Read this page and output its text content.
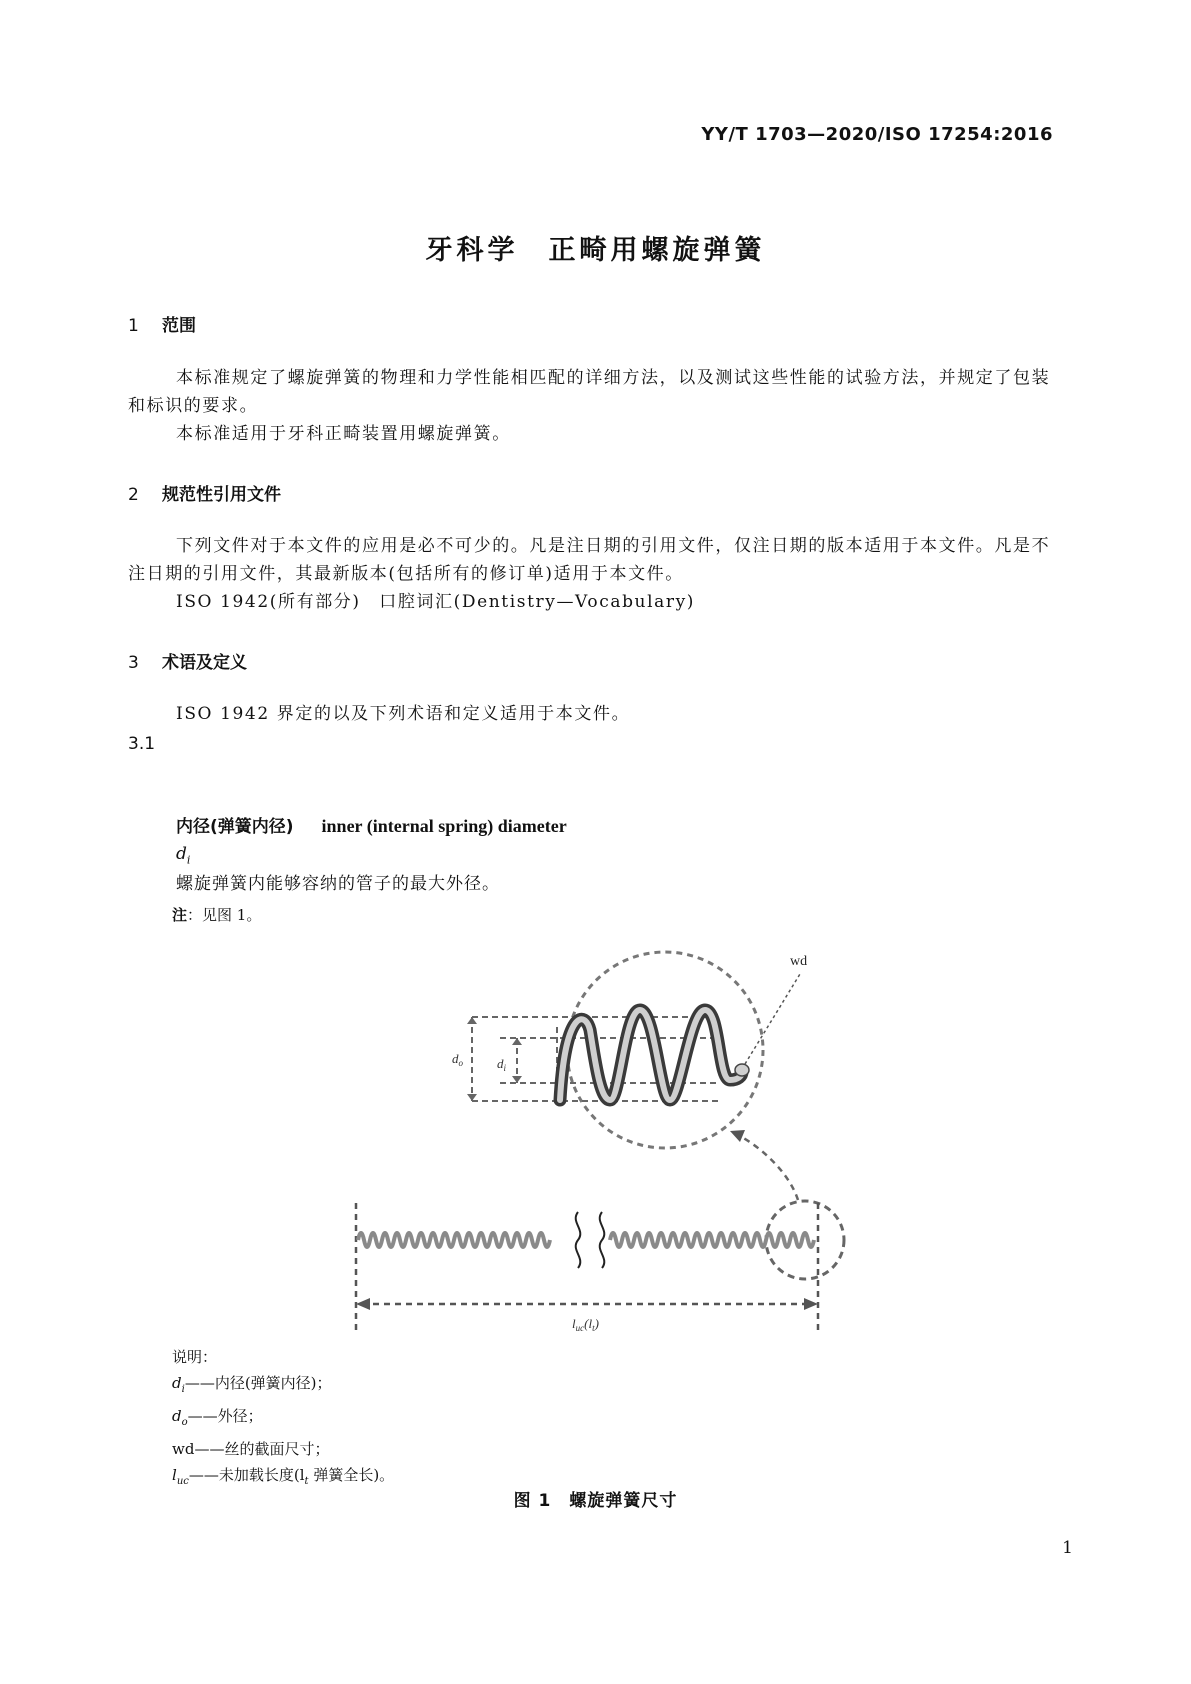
YY/T 1703—2020/ISO 17254:2016
牙科学 正畸用螺旋弹簧
1 范围
本标准规定了螺旋弹簧的物理和力学性能相匹配的详细方法，以及测试这些性能的试验方法，并规定了包装和标识的要求。
本标准适用于牙科正畸装置用螺旋弹簧。
2 规范性引用文件
下列文件对于本文件的应用是必不可少的。凡是注日期的引用文件，仅注日期的版本适用于本文件。凡是不注日期的引用文件，其最新版本(包括所有的修订单)适用于本文件。
ISO 1942(所有部分)　口腔词汇(Dentistry—Vocabulary)
3 术语及定义
ISO 1942 界定的以及下列术语和定义适用于本文件。
3.1
内径(弹簧内径) inner (internal spring) diameter
$d_i$
螺旋弹簧内能够容纳的管子的最大外径。
注：见图 1。
$d_o$	$d_i$
wd
$l_{uc}(l_t)$
说明：
$d_i——$内径(弹簧内径)；
$d_o——$外径；
wd——丝的截面尺寸；
$l_{uc}——$未加载长度($l_t$ 弹簧全长)。
图 1　螺旋弹簧尺寸
1
